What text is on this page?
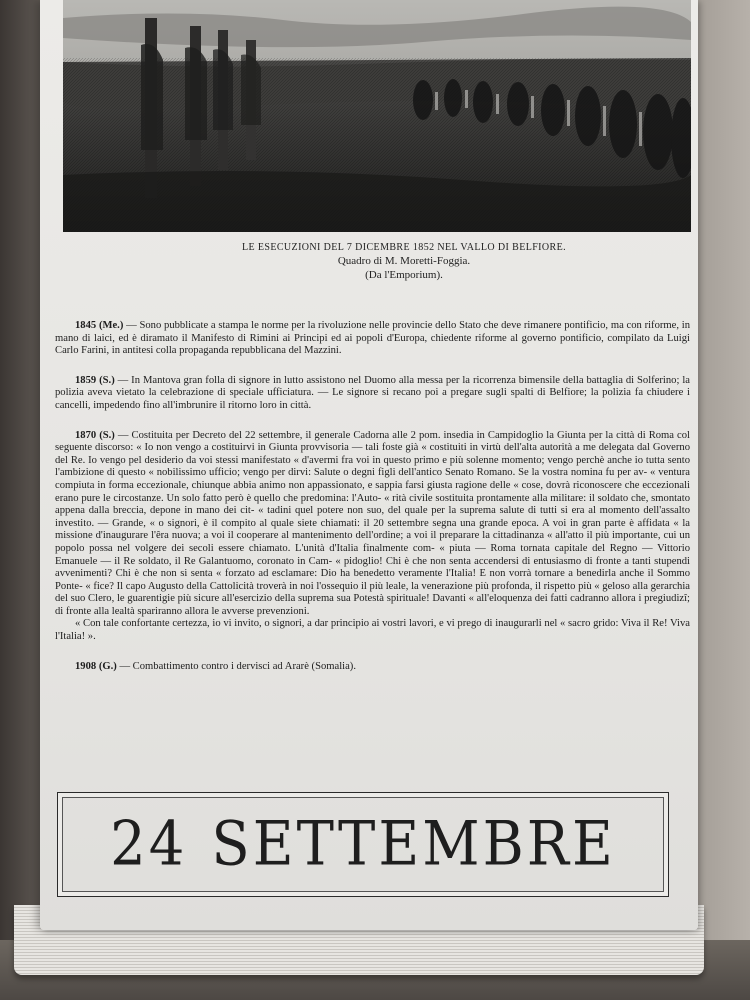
LE ESECUZIONI DEL 7 DICEMBRE 1852 NEL VALLO DI BELFIORE.
Quadro di M. Moretti-Foggia.
(Da l'Emporium).

1845 (Me.) — Sono pubblicate a stampa le norme per la rivoluzione nelle provincie dello Stato che deve rimanere pontificio, ma con riforme, in mano di laici, ed è diramato il Manifesto di Rimini ai Principi ed ai popoli d'Europa, chiedente riforme al governo pontificio, compilato da Luigi Carlo Farini, in antitesi colla propaganda repubblicana del Mazzini.

1859 (S.) — In Mantova gran folla di signore in lutto assistono nel Duomo alla messa per la ricorrenza bimensile della battaglia di Solferino; la polizia aveva vietato la celebrazione di speciale ufficiatura. — Le signore si recano poi a pregare sugli spalti di Belfiore; la polizia fa chiudere i cancelli, impedendo fino all'imbrunire il ritorno loro in città.

1870 (S.) — Costituita per Decreto del 22 settembre, il generale Cadorna alle 2 pom. insedia in Campidoglio la Giunta per la città di Roma col seguente discorso: « Io non vengo a costituirvi in Giunta provvisoria — tali foste già « costituiti in virtù dell'alta autorità a me delegata dal Governo del Re. Io vengo pel desiderio da voi stessi manifestato « d'avermi fra voi in questo primo e più solenne momento; vengo perchè anche io tutta sento l'ambizione di questo « nobilissimo ufficio; vengo per dirvi: Salute o degni figli dell'antico Senato Romano. Se la vostra nomina fu per av- « ventura compiuta in forma eccezionale, chiunque abbia animo non appassionato, e sappia farsi giusta ragione delle « cose, dovrà riconoscere che eccezionali erano pure le circostanze. Un solo fatto però è quello che predomina: l'Auto- « rità civile sostituita prontamente alla militare: il soldato che, smontato appena dalla breccia, depone in mano dei cit- « tadini quel potere non suo, del quale per la suprema salute di tutti si era al momento dell'assalto investito. — Grande, « o signori, è il compito al quale siete chiamati: il 20 settembre segna una grande epoca. A voi in gran parte è affidata « la missione d'inaugurare l'êra nuova; a voi il cooperare al mantenimento dell'ordine; a voi il preparare la cittadinanza « all'atto il più importante, cui un popolo possa nel volgere dei secoli essere chiamato. L'unità d'Italia finalmente com- « piuta — Roma tornata capitale del Regno — Vittorio Emanuele — il Re soldato, il Re Galantuomo, coronato in Cam- « pidoglio! Chi è che non senta accendersi di entusiasmo di fronte a tanti stupendi avvenimenti? Chi è che non si senta « forzato ad esclamare: Dio ha benedetto veramente l'Italia! E non vorrà tornare a benedirla anche il Sommo Ponte- « fice? Il capo Augusto della Cattolicità troverà in noi l'ossequio il più leale, la venerazione più profonda, il rispetto più « geloso alla gerarchia del suo Clero, le guarentigie più sicure all'esercizio della suprema sua Potestà spirituale! Davanti « all'eloquenza dei fatti cadranno allora i pregiudizî; di fronte alla lealtà spariranno allora le avverse prevenzioni.

« Con tale confortante certezza, io vi invito, o signori, a dar principio ai vostri lavori, e vi prego di inaugurarli nel « sacro grido: Viva il Re! Viva l'Italia! ».

1908 (G.) — Combattimento contro i dervisci ad Ararè (Somalia).

24 SETTEMBRE
